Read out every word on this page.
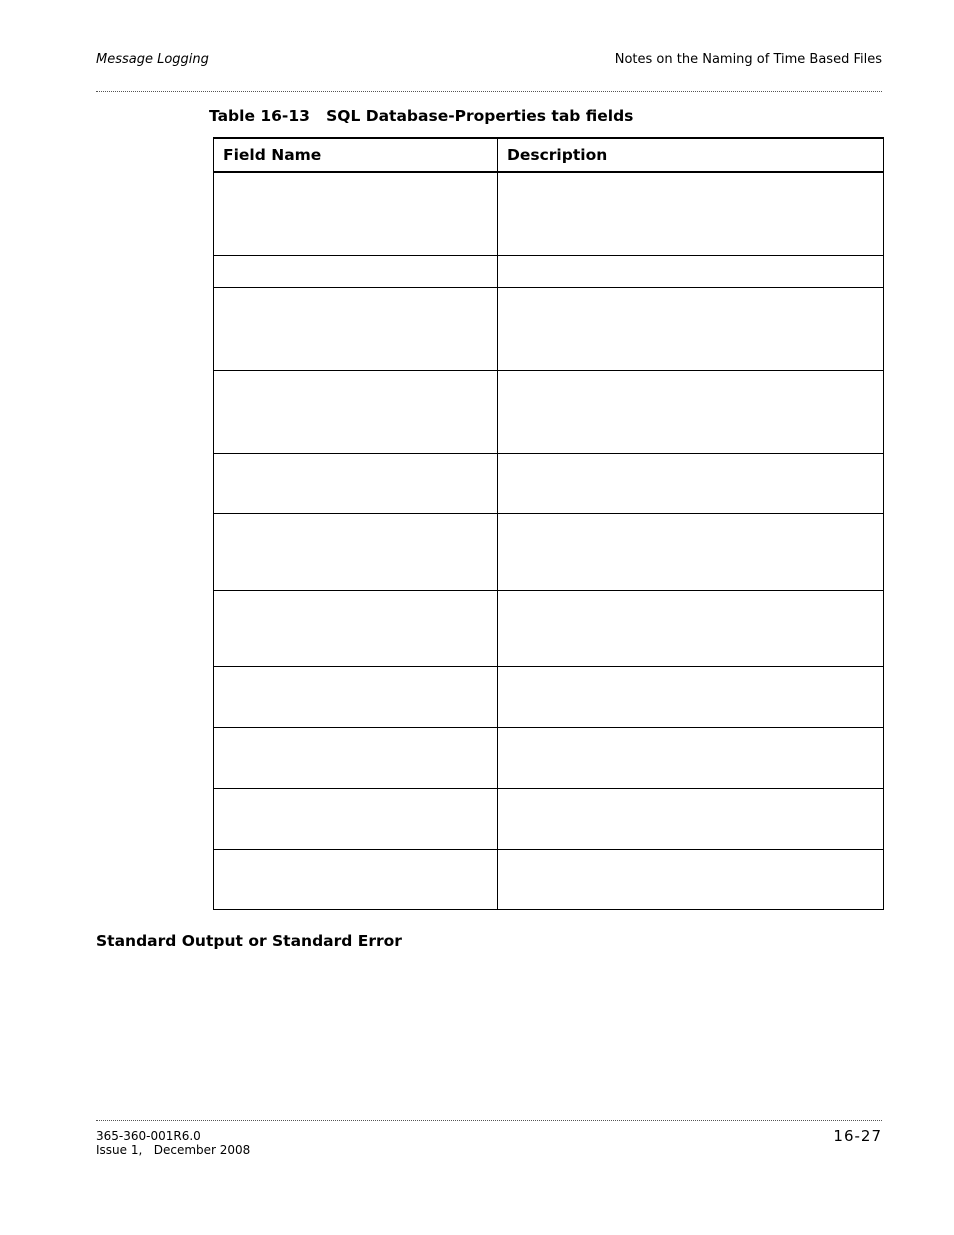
Message Logging	Notes on the Naming of Time Based Files
Table 16-13   SQL Database-Properties tab fields
Field Name	Description

Standard Output or Standard Error
365-360-001R6.0
Issue 1,   December 2008
16-27
